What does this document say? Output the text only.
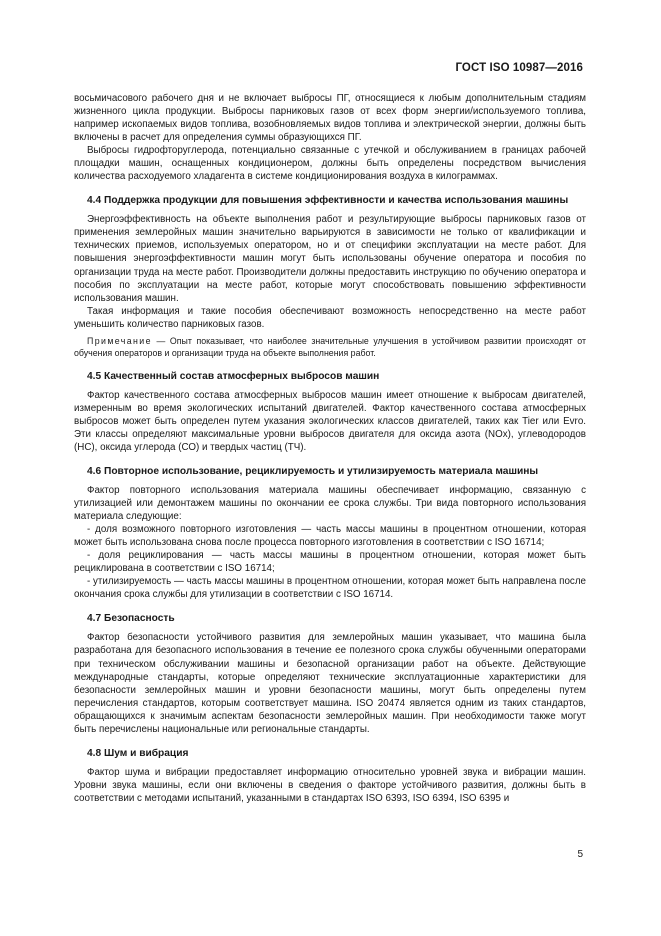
ГОСТ ISO 10987—2016

восьмичасового рабочего дня и не включает выбросы ПГ, относящиеся к любым дополнительным стадиям жизненного цикла продукции. Выбросы парниковых газов от всех форм энергии/используемого топлива, например ископаемых видов топлива, возобновляемых видов топлива и электрической энергии, должны быть включены в расчет для определения суммы образующихся ПГ.

Выбросы гидрофторуглерода, потенциально связанные с утечкой и обслуживанием в границах рабочей площадки машин, оснащенных кондиционером, должны быть определены посредством вычисления количества расходуемого хладагента в системе кондиционирования воздуха в килограммах.

4.4 Поддержка продукции для повышения эффективности и качества использования машины

Энергоэффективность на объекте выполнения работ и результирующие выбросы парниковых газов от применения землеройных машин значительно варьируются в зависимости не только от квалификации и технических приемов, используемых оператором, но и от специфики эксплуатации на месте работ. Для повышения энергоэффективности машин могут быть использованы обучение оператора и пособия по организации труда на месте работ. Производители должны предоставить инструкцию по обучению оператора и пособия по эксплуатации на месте работ, которые могут способствовать повышению эффективности использования машин.

Такая информация и такие пособия обеспечивают возможность непосредственно на месте работ уменьшить количество парниковых газов.

Примечание — Опыт показывает, что наиболее значительные улучшения в устойчивом развитии происходят от обучения операторов и организации труда на объекте выполнения работ.

4.5 Качественный состав атмосферных выбросов машин

Фактор качественного состава атмосферных выбросов машин имеет отношение к выбросам двигателей, измеренным во время экологических испытаний двигателей. Фактор качественного состава атмосферных выбросов может быть определен путем указания экологических классов двигателей, таких как Tier или Evro. Эти классы определяют максимальные уровни выбросов двигателя для оксида азота (NOx), углеводородов (НС), оксида углерода (СО) и твердых частиц (ТЧ).

4.6 Повторное использование, рециклируемость и утилизируемость материала машины

Фактор повторного использования материала машины обеспечивает информацию, связанную с утилизацией или демонтажем машины по окончании ее срока службы. Три вида повторного использования материала следующие:

- доля возможного повторного изготовления — часть массы машины в процентном отношении, которая может быть использована снова после процесса повторного изготовления в соответствии с ISO 16714;

- доля рециклирования — часть массы машины в процентном отношении, которая может быть рециклирована в соответствии с ISO 16714;

- утилизируемость — часть массы машины в процентном отношении, которая может быть направлена после окончания срока службы для утилизации в соответствии с ISO 16714.

4.7 Безопасность

Фактор безопасности устойчивого развития для землеройных машин указывает, что машина была разработана для безопасного использования в течение ее полезного срока службы обученными операторами при техническом обслуживании машины и безопасной организации работ на объекте. Действующие международные стандарты, которые определяют технические эксплуатационные характеристики для безопасности землеройных машин и уровни безопасности машины, могут быть определены путем перечисления стандартов, которым соответствует машина. ISO 20474 является одним из таких стандартов, обращающихся к значимым аспектам безопасности землеройных машин. При необходимости также могут быть перечислены национальные или региональные стандарты.

4.8 Шум и вибрация

Фактор шума и вибрации предоставляет информацию относительно уровней звука и вибрации машин. Уровни звука машины, если они включены в сведения о факторе устойчивого развития, должны быть в соответствии с методами испытаний, указанными в стандартах ISO 6393, ISO 6394, ISO 6395 и

5
